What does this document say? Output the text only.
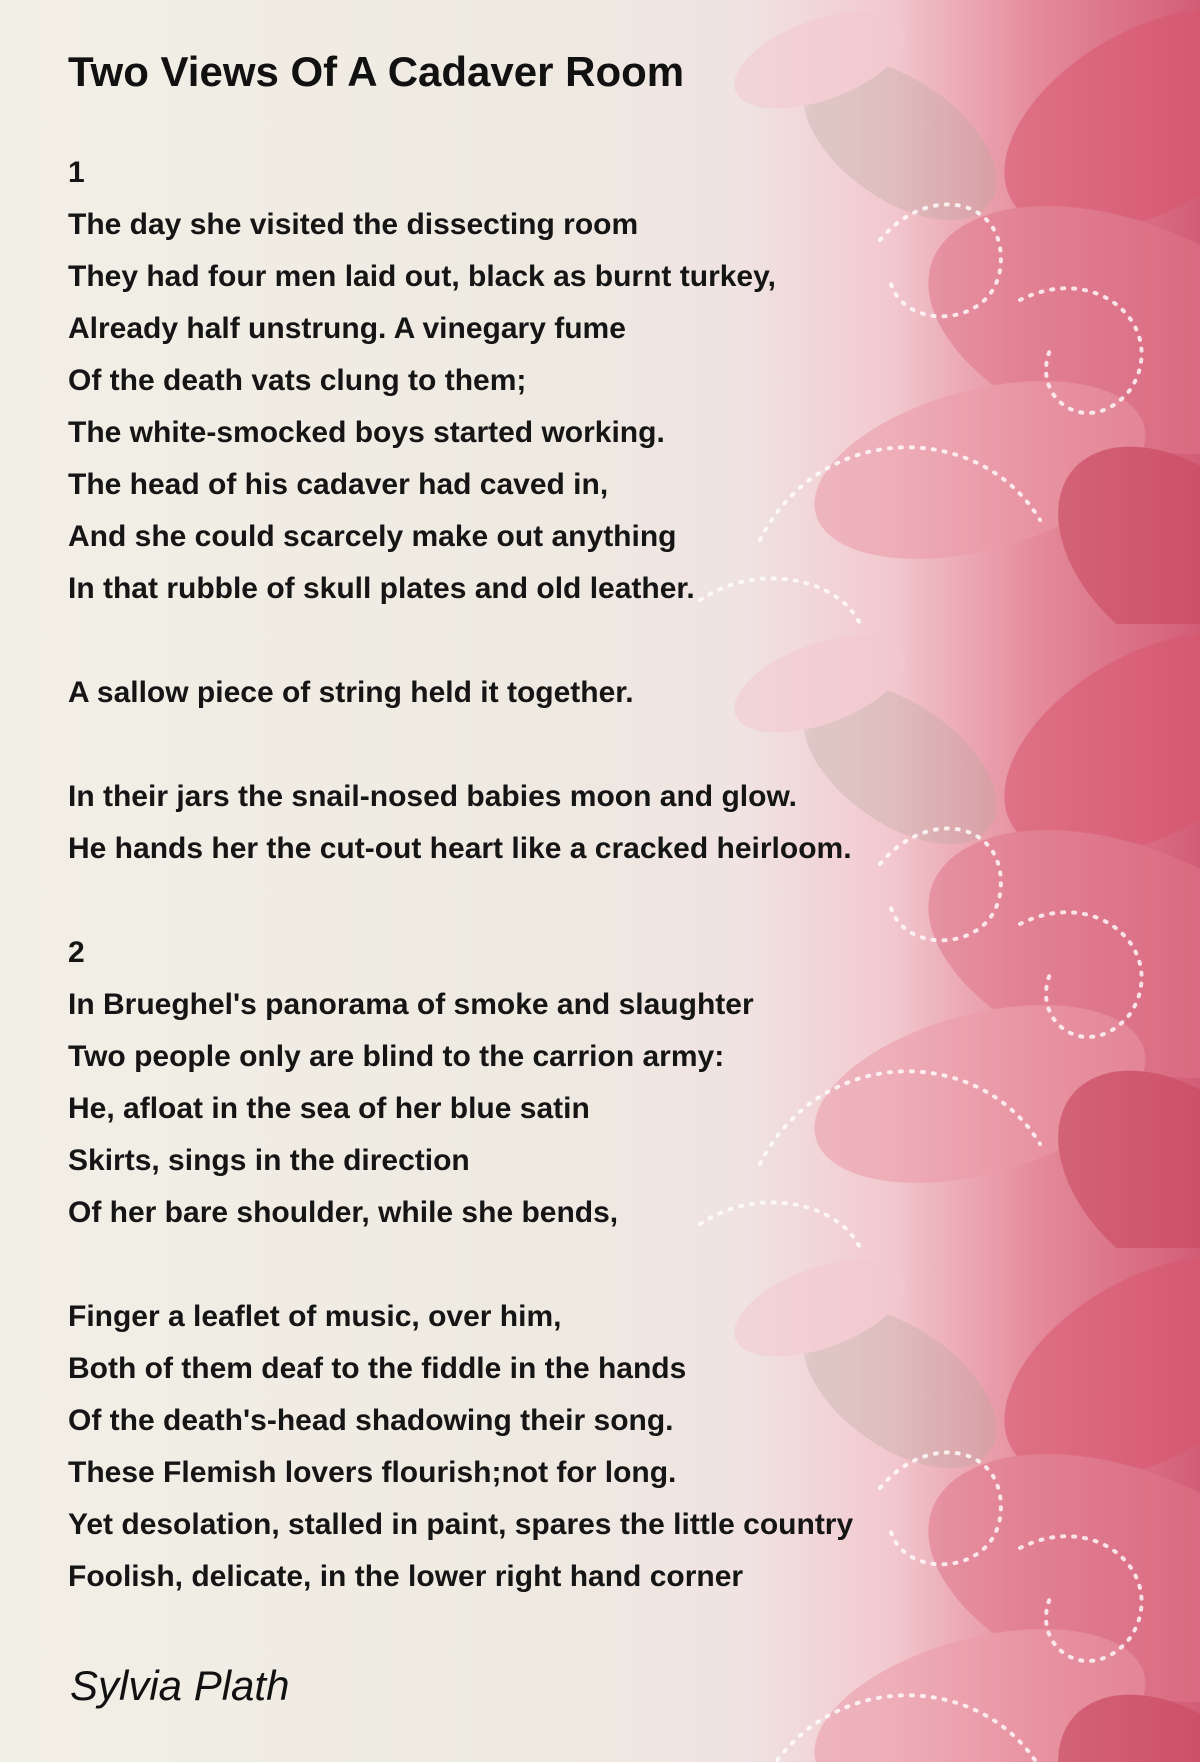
Two Views Of A Cadaver Room

1

The day she visited the dissecting room

They had four men laid out, black as burnt turkey,

Already half unstrung. A vinegary fume

Of the death vats clung to them;

The white-smocked boys started working.

The head of his cadaver had caved in,

And she could scarcely make out anything

In that rubble of skull plates and old leather.

A sallow piece of string held it together.

In their jars the snail-nosed babies moon and glow.

He hands her the cut-out heart like a cracked heirloom.

2

In Brueghel's panorama of smoke and slaughter

Two people only are blind to the carrion army:

He, afloat in the sea of her blue satin

Skirts, sings in the direction

Of her bare shoulder, while she bends,

Finger a leaflet of music, over him,

Both of them deaf to the fiddle in the hands

Of the death's-head shadowing their song.

These Flemish lovers flourish;not for long.

Yet desolation, stalled in paint, spares the little country

Foolish, delicate, in the lower right hand corner

Sylvia Plath
